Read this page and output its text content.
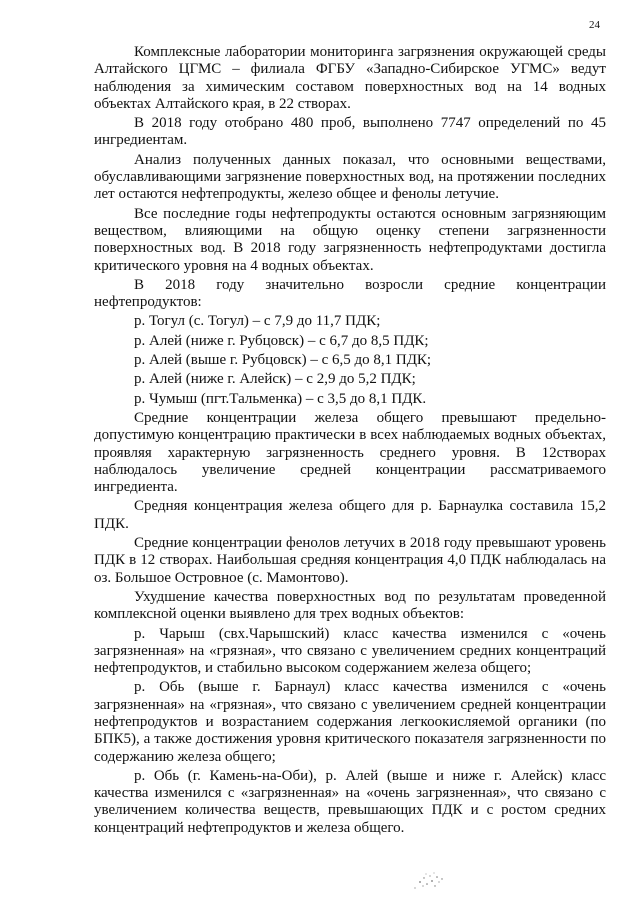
24

Комплексные лаборатории мониторинга загрязнения окружающей среды Алтайского ЦГМС – филиала ФГБУ «Западно-Сибирское УГМС» ведут наблюдения за химическим составом поверхностных вод на 14 водных объектах Алтайского края, в 22 створах.

В 2018 году отобрано 480 проб, выполнено 7747 определений по 45 ингредиентам.

Анализ полученных данных показал, что основными веществами, обуславливающими загрязнение поверхностных вод, на протяжении последних лет остаются нефтепродукты, железо общее и фенолы летучие.

Все последние годы нефтепродукты остаются основным загрязняющим веществом, влияющими на общую оценку степени загрязненности поверхностных вод. В 2018 году загрязненность нефтепродуктами достигла критического уровня на 4 водных объектах.

В 2018 году значительно возросли средние концентрации нефтепродуктов:

р. Тогул (с. Тогул) – с 7,9 до 11,7 ПДК;

р. Алей (ниже г. Рубцовск) – с 6,7 до 8,5 ПДК;

р. Алей (выше г. Рубцовск) – с 6,5 до 8,1 ПДК;

р. Алей (ниже г. Алейск) – с 2,9 до 5,2 ПДК;

р. Чумыш (пгт.Тальменка) – с 3,5 до 8,1 ПДК.

Средние концентрации железа общего превышают предельно-допустимую концентрацию практически в всех наблюдаемых водных объектах, проявляя характерную загрязненность среднего уровня. В 12створах наблюдалось увеличение средней концентрации рассматриваемого ингредиента.

Средняя концентрация железа общего для р. Барнаулка составила 15,2 ПДК.

Средние концентрации фенолов летучих в 2018 году превышают уровень ПДК в 12 створах. Наибольшая средняя концентрация 4,0 ПДК наблюдалась на оз. Большое Островное (с. Мамонтово).

Ухудшение качества поверхностных вод по результатам проведенной комплексной оценки выявлено для трех водных объектов:

р. Чарыш (свх.Чарышский) класс качества изменился с «очень загрязненная» на «грязная», что связано с увеличением средних концентраций нефтепродуктов, и стабильно высоком содержанием железа общего;

р. Обь (выше г. Барнаул) класс качества изменился с «очень загрязненная» на «грязная», что связано с увеличением средней концентрации нефтепродуктов и возрастанием содержания легкоокисляемой органики (по БПК5), а также достижения уровня критического показателя загрязненности по содержанию железа общего;

р. Обь (г. Камень-на-Оби), р. Алей (выше и ниже г. Алейск) класс качества изменился с «загрязненная» на «очень загрязненная», что связано с увеличением количества веществ, превышающих ПДК и с ростом средних концентраций нефтепродуктов и железа общего.
